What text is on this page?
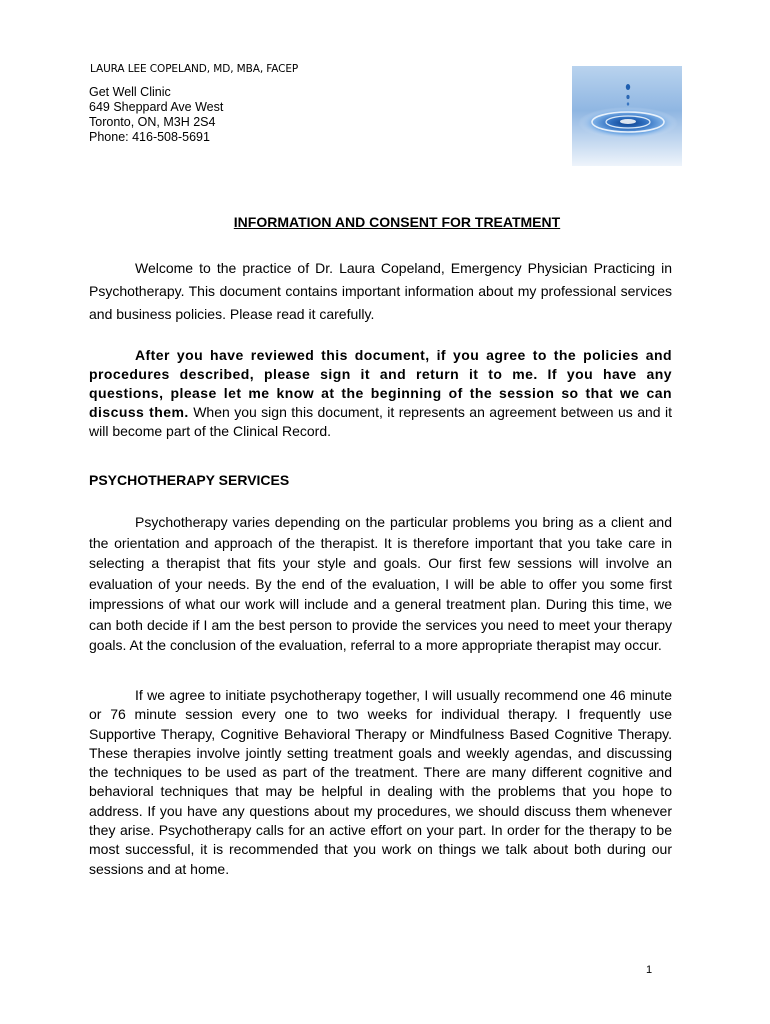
LAURA LEE COPELAND, MD, MBA, FACEP

Get Well Clinic
649 Sheppard Ave West
Toronto, ON, M3H 2S4
Phone: 416-508-5691
INFORMATION AND CONSENT FOR TREATMENT

Welcome to the practice of Dr. Laura Copeland, Emergency Physician Practicing in Psychotherapy. This document contains important information about my professional services and business policies. Please read it carefully.

After you have reviewed this document, if you agree to the policies and procedures described, please sign it and return it to me. If you have any questions, please let me know at the beginning of the session so that we can discuss them. When you sign this document, it represents an agreement between us and it will become part of the Clinical Record.

PSYCHOTHERAPY SERVICES

Psychotherapy varies depending on the particular problems you bring as a client and the orientation and approach of the therapist. It is therefore important that you take care in selecting a therapist that fits your style and goals. Our first few sessions will involve an evaluation of your needs. By the end of the evaluation, I will be able to offer you some first impressions of what our work will include and a general treatment plan. During this time, we can both decide if I am the best person to provide the services you need to meet your therapy goals. At the conclusion of the evaluation, referral to a more appropriate therapist may occur.

If we agree to initiate psychotherapy together, I will usually recommend one 46 minute or 76 minute session every one to two weeks for individual therapy. I frequently use Supportive Therapy, Cognitive Behavioral Therapy or Mindfulness Based Cognitive Therapy. These therapies involve jointly setting treatment goals and weekly agendas, and discussing the techniques to be used as part of the treatment. There are many different cognitive and behavioral techniques that may be helpful in dealing with the problems that you hope to address. If you have any questions about my procedures, we should discuss them whenever they arise. Psychotherapy calls for an active effort on your part. In order for the therapy to be most successful, it is recommended that you work on things we talk about both during our sessions and at home.

1
